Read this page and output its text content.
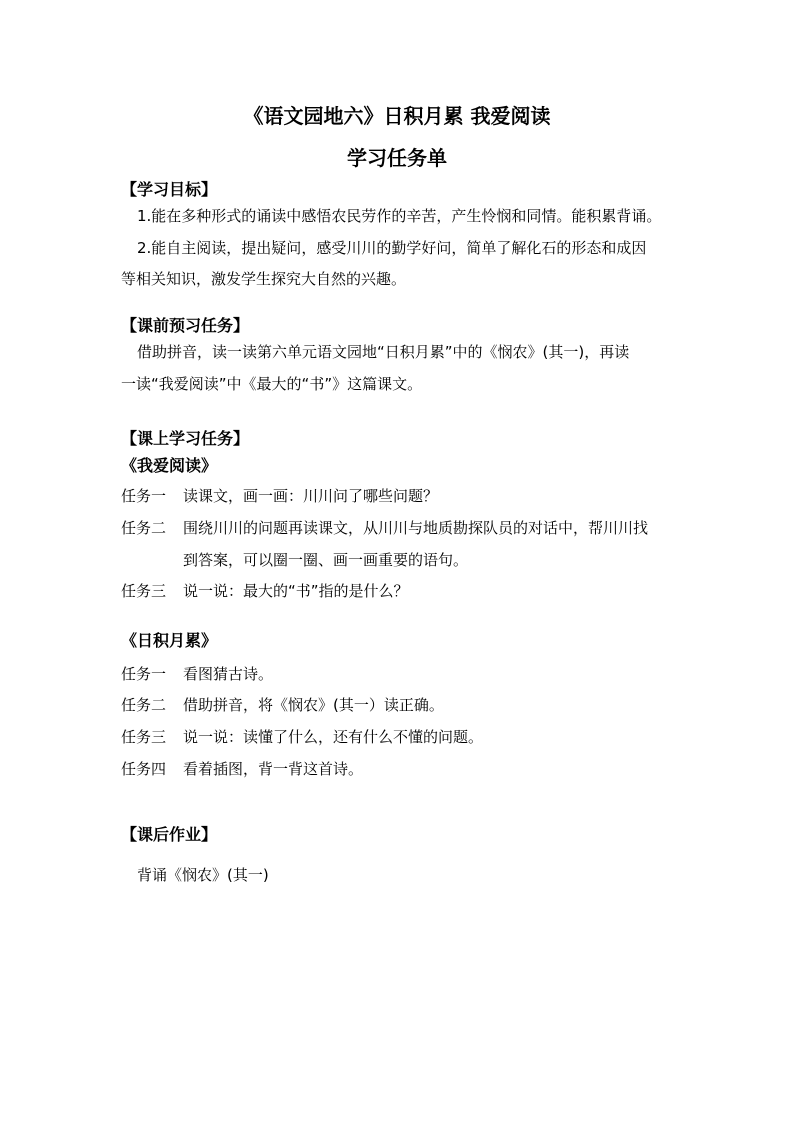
《语文园地六》日积月累 我爱阅读
学习任务单
【学习目标】
1.能在多种形式的诵读中感悟农民劳作的辛苦，产生怜悯和同情。能积累背诵。
2.能自主阅读，提出疑问，感受川川的勤学好问，简单了解化石的形态和成因
等相关知识，激发学生探究大自然的兴趣。
【课前预习任务】
借助拼音，读一读第六单元语文园地“日积月累”中的《悯农》(其一)，再读
一读“我爱阅读”中《最大的“书”》这篇课文。
【课上学习任务】
《我爱阅读》
任务一 读课文，画一画：川川问了哪些问题？
任务二 围绕川川的问题再读课文，从川川与地质勘探队员的对话中，帮川川找
到答案，可以圈一圈、画一画重要的语句。
任务三 说一说：最大的“书”指的是什么？
《日积月累》
任务一 看图猜古诗。
任务二 借助拼音，将《悯农》(其一）读正确。
任务三 说一说：读懂了什么，还有什么不懂的问题。
任务四 看着插图，背一背这首诗。
【课后作业】
背诵《悯农》(其一)
